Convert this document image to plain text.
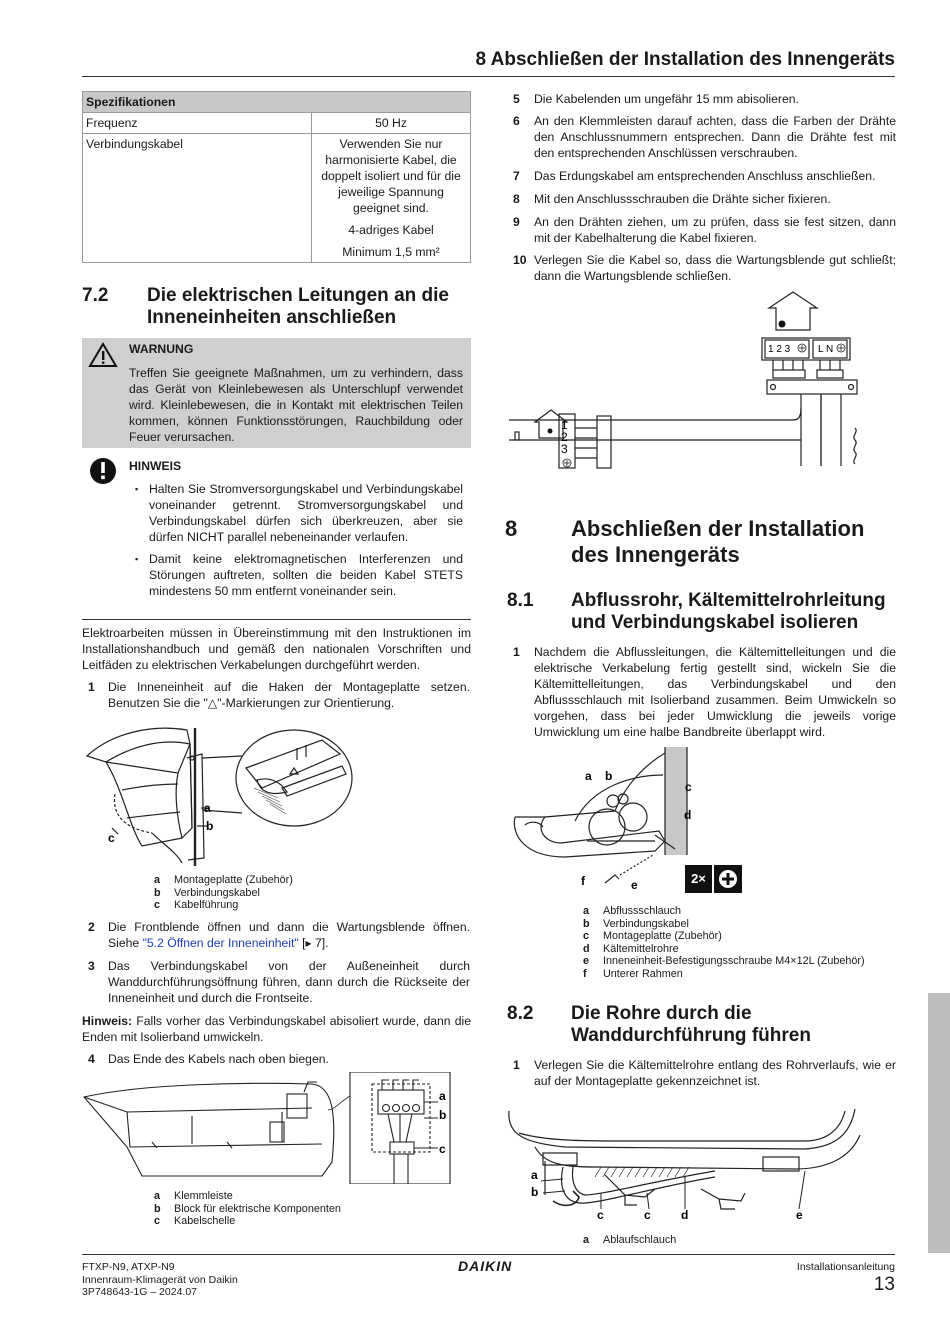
8 Abschließen der Installation des Innengeräts
Spezifikationen	
Frequenz	50 Hz
Verbindungskabel	Verwenden Sie nur harmonisierte Kabel, die doppelt isoliert und für die jeweilige Spannung geeignet sind.
4-adriges Kabel
Minimum 1,5 mm²
7.2 Die elektrischen Leitungen an die Inneneinheiten anschließen
WARNUNG
Treffen Sie geeignete Maßnahmen, um zu verhindern, dass das Gerät von Kleinlebewesen als Unterschlupf verwendet wird. Kleinlebewesen, die in Kontakt mit elektrischen Teilen kommen, können Funktionsstörungen, Rauchbildung oder Feuer verursachen.
HINWEIS
▪ Halten Sie Stromversorgungskabel und Verbindungskabel voneinander getrennt. Stromversorgungskabel und Verbindungskabel dürfen sich überkreuzen, aber sie dürfen NICHT parallel nebeneinander verlaufen.
▪ Damit keine elektromagnetischen Interferenzen und Störungen auftreten, sollten die beiden Kabel STETS mindestens 50 mm entfernt voneinander sein.
Elektroarbeiten müssen in Übereinstimmung mit den Instruktionen im Installationshandbuch und gemäß den nationalen Vorschriften und Leitfäden zu elektrischen Verkabelungen durchgeführt werden.
1 Die Inneneinheit auf die Haken der Montageplatte setzen. Benutzen Sie die "△"-Markierungen zur Orientierung.
a
b
c
a	Montageplatte (Zubehör)
b	Verbindungskabel
c	Kabelführung
2 Die Frontblende öffnen und dann die Wartungsblende öffnen. Siehe "5.2 Öffnen der Inneneinheit" [▸ 7].
3 Das Verbindungskabel von der Außeneinheit durch Wanddurchführungsöffnung führen, dann durch die Rückseite der Inneneinheit und durch die Frontseite.
Hinweis: Falls vorher das Verbindungskabel abisoliert wurde, dann die Enden mit Isolierband umwickeln.
4 Das Ende des Kabels nach oben biegen.
a
b
c
a	Klemmleiste
b	Block für elektrische Komponenten
c	Kabelschelle
5 Die Kabelenden um ungefähr 15 mm abisolieren.
6 An den Klemmleisten darauf achten, dass die Farben der Drähte den Anschlussnummern entsprechen. Dann die Drähte fest mit den entsprechenden Anschlüssen verschrauben.
7 Das Erdungskabel am entsprechenden Anschluss anschließen.
8 Mit den Anschlussschrauben die Drähte sicher fixieren.
9 An den Drähten ziehen, um zu prüfen, dass sie fest sitzen, dann mit der Kabelhalterung die Kabel fixieren.
10 Verlegen Sie die Kabel so, dass die Wartungsblende gut schließt; dann die Wartungsblende schließen.
1 2 3	L N
1
2
3
8 Abschließen der Installation des Innengeräts
8.1 Abflussrohr, Kältemittelrohrleitung und Verbindungskabel isolieren
1 Nachdem die Abflussleitungen, die Kältemittelleitungen und die elektrische Verkabelung fertig gestellt sind, wickeln Sie die Kältemittelleitungen, das Verbindungskabel und den Abflussschlauch mit Isolierband zusammen. Beim Umwickeln so vorgehen, dass bei jeder Umwicklung die jeweils vorige Umwicklung um eine halbe Bandbreite überlappt wird.
a b
c
d
e
f	2×
a	Abflussschlauch
b	Verbindungskabel
c	Montageplatte (Zubehör)
d	Kältemittelrohre
e	Inneneinheit-Befestigungsschraube M4×12L (Zubehör)
f	Unterer Rahmen
8.2 Die Rohre durch die Wanddurchführung führen
1 Verlegen Sie die Kältemittelrohre entlang des Rohrverlaufs, wie er auf der Montageplatte gekennzeichnet ist.
a
b
c	c	d	e
a	Ablaufschlauch
FTXP-N9, ATXP-N9
Innenraum-Klimagerät von Daikin
3P748643-1G – 2024.07
DAIKIN	Installationsanleitung
13
